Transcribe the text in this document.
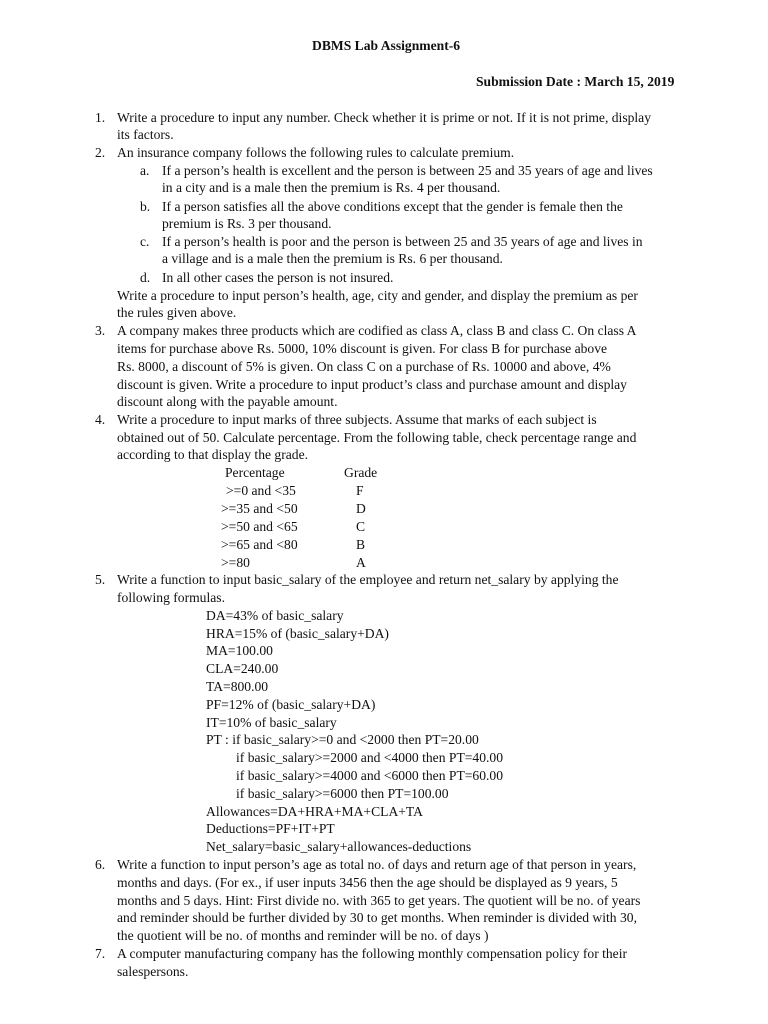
DBMS Lab Assignment-6
Submission Date : March 15, 2019
1. Write a procedure to input any number. Check whether it is prime or not. If it is not prime, display
its factors.
2. An insurance company follows the following rules to calculate premium.
a. If a person’s health is excellent and the person is between 25 and 35 years of age and lives
in a city and is a male then the premium is Rs. 4 per thousand.
b. If a person satisfies all the above conditions except that the gender is female then the
premium is Rs. 3 per thousand.
c. If a person’s health is poor and the person is between 25 and 35 years of age and lives in
a village and is a male then the premium is Rs. 6 per thousand.
d. In all other cases the person is not insured.
Write a procedure to input person’s health, age, city and gender, and display the premium as per
the rules given above.
3. A company makes three products which are codified as class A, class B and class C. On class A
items for purchase above Rs. 5000, 10% discount is given. For class B for purchase above
Rs. 8000, a discount of 5% is given. On class C on a purchase of Rs. 10000 and above, 4%
discount is given. Write a procedure to input product’s class and purchase amount and display
discount along with the payable amount.
4. Write a procedure to input marks of three subjects. Assume that marks of each subject is
obtained out of 50. Calculate percentage. From the following table, check percentage range and
according to that display the grade.
Percentage	Grade
>=0 and <35	F
>=35 and <50	D
>=50 and <65	C
>=65 and <80	B
>=80	A
5. Write a function to input basic_salary of the employee and return net_salary by applying the
following formulas.
DA=43% of basic_salary
HRA=15% of (basic_salary+DA)
MA=100.00
CLA=240.00
TA=800.00
PF=12% of (basic_salary+DA)
IT=10% of basic_salary
PT : if basic_salary>=0 and <2000 then PT=20.00
if basic_salary>=2000 and <4000 then PT=40.00
if basic_salary>=4000 and <6000 then PT=60.00
if basic_salary>=6000 then PT=100.00
Allowances=DA+HRA+MA+CLA+TA
Deductions=PF+IT+PT
Net_salary=basic_salary+allowances-deductions
6. Write a function to input person’s age as total no. of days and return age of that person in years,
months and days. (For ex., if user inputs 3456 then the age should be displayed as 9 years, 5
months and 5 days. Hint: First divide no. with 365 to get years. The quotient will be no. of years
and reminder should be further divided by 30 to get months. When reminder is divided with 30,
the quotient will be no. of months and reminder will be no. of days )
7. A computer manufacturing company has the following monthly compensation policy for their
salespersons.
